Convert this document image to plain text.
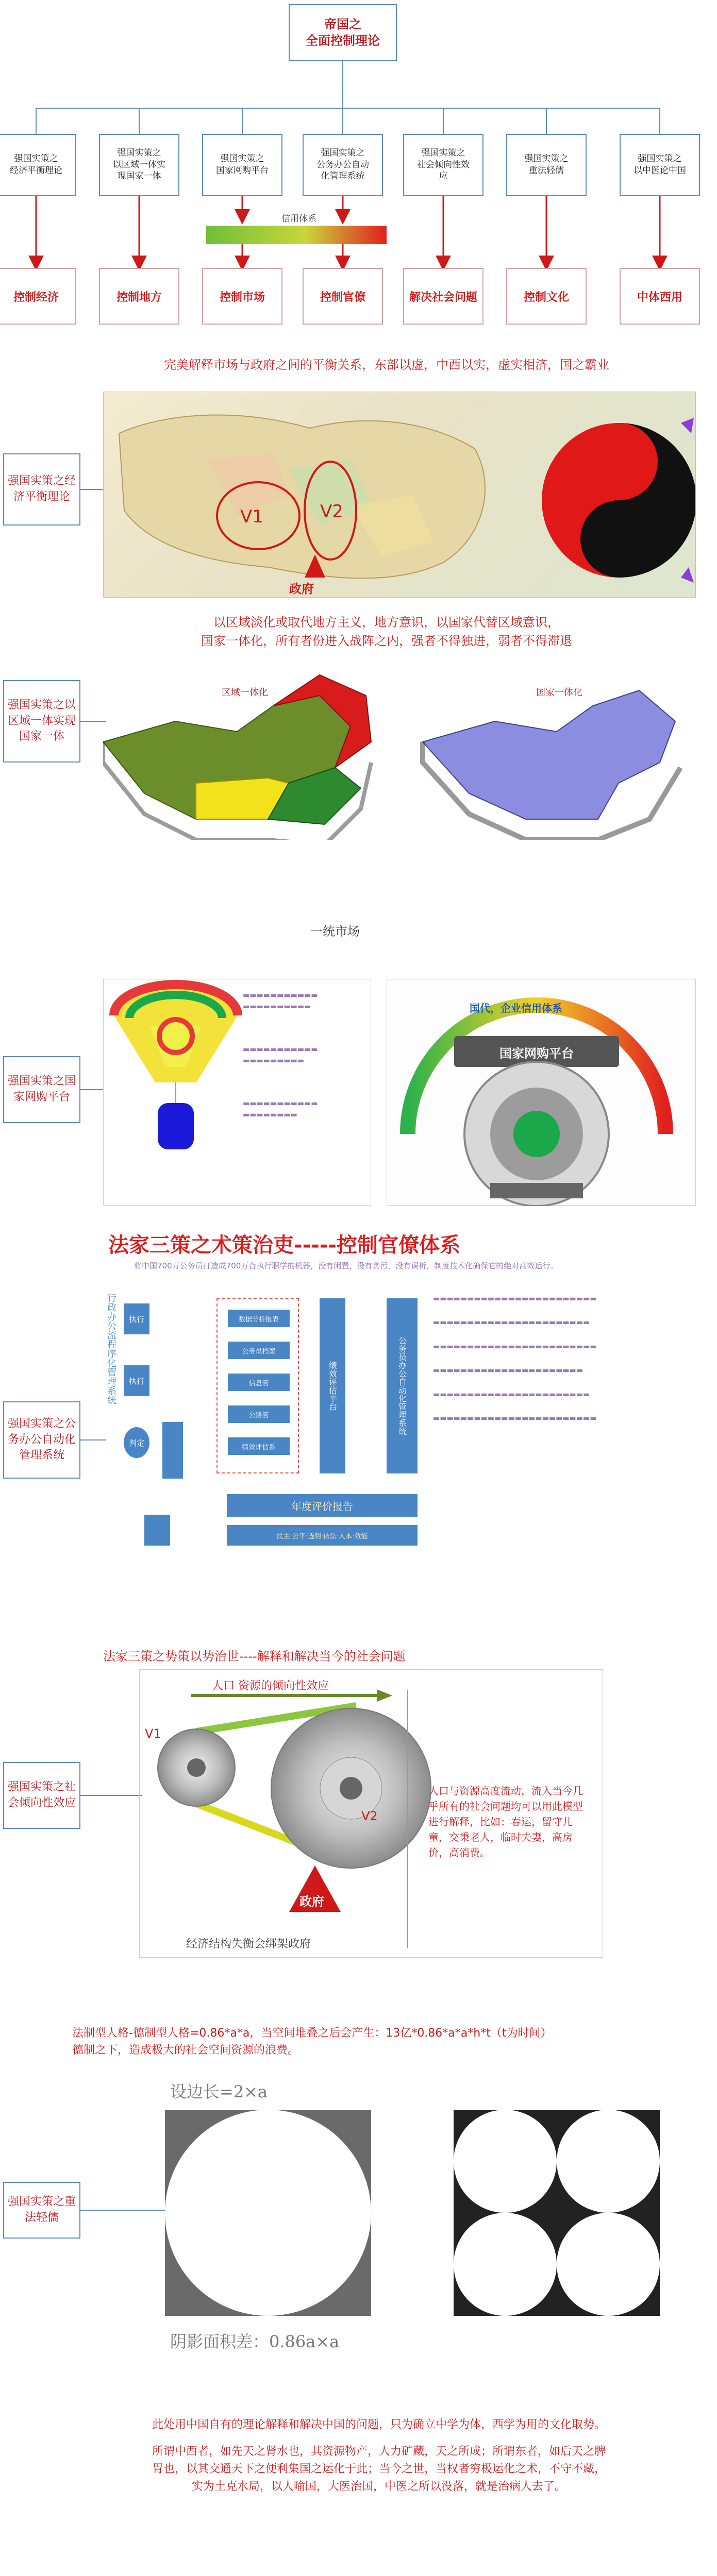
帝国之
全面控制理论
信用体系
强国实策之
经济平衡理论
控制经济
强国实策之
以区域一体实
现国家一体
控制地方
强国实策之
国家网购平台
控制市场
强国实策之
公务办公自动
化管理系统
控制官僚
强国实策之
社会倾向性效
应
解决社会问题
强国实策之
重法轻儒
控制文化
强国实策之
以中医论中国
中体西用
完美解释市场与政府之间的平衡关系，东部以虚，中西以实，虚实相济，国之霸业
强国实策之经济平衡理论
V1	V2
政府
以区域淡化或取代地方主义，地方意识，以国家代替区域意识，
国家一体化，所有者份进入战阵之内，强者不得独进，弱者不得滞退
强国实策之以区域一体实现国家一体
区域一体化	国家一体化
一统市场
强国实策之国家网购平台
▬▬▬▬▬▬▬▬▬▬▬
▬▬▬▬▬▬▬▬▬▬
▬▬▬▬▬▬▬▬▬▬▬
▬▬▬▬▬▬▬▬▬
▬▬▬▬▬▬▬▬▬▬▬
▬▬▬▬▬▬▬▬
国代，企业信用体系
国家网购平台
法家三策之术策治吏-----控制官僚体系
强国实策之公务办公自动化管理系统
将中国700万公务员打造成700万台执行职学的机器，没有闲置，没有贪污，没有误析，制度技术化确保它的绝对高效运行。
行政办公流程序化管理系统	执行
执行
判定
数据分析报表
公务员档案
信息管
公路管
绩效评估系
绩效评估平台	公务员办公自动化管理系统
▬▬▬▬▬▬▬▬▬▬▬▬▬▬▬▬▬▬▬▬▬▬▬▬
▬▬▬▬▬▬▬▬▬▬▬▬▬▬▬▬▬▬▬▬▬▬▬
▬▬▬▬▬▬▬▬▬▬▬▬▬▬▬▬▬▬▬▬▬▬▬▬
▬▬▬▬▬▬▬▬▬▬▬▬▬▬▬▬▬▬▬▬▬▬
▬▬▬▬▬▬▬▬▬▬▬▬▬▬▬▬▬▬▬▬▬▬▬
▬▬▬▬▬▬▬▬▬▬▬▬▬▬▬▬▬▬▬▬▬▬▬▬
年度评价报告
民主·公平·透明·依法·人本·效能
法家三策之势策以势治世----解释和解决当今的社会问题
强国实策之社会倾向性效应
人口 资源的倾向性效应
V1
V2
政府
人口与资源高度流动，流入当今几乎所有的社会问题均可以用此模型进行解释，比如：春运，留守儿童，交秉老人，临时夫妻，高房价，高消费。
经济结构失衡会绑架政府
法制型人格-德制型人格=0.86*a*a，当空间堆叠之后会产生：13亿*0.86*a*a*h*t（t为时间）
德制之下，造成极大的社会空间资源的浪费。
强国实策之重法轻儒
设边长=2×a
阴影面积差：0.86a×a
此处用中国自有的理论解释和解决中国的问题，只为确立中学为体，西学为用的文化取势。
所谓中西者，如先天之肾水也，其资源物产，人力矿藏，天之所成；所谓东者，如后天之脾
胃也，以其交通天下之便利集国之运化于此；当今之世，当权者穷极运化之术，不守不藏，
实为土克水局，以人喻国，大医治国，中医之所以没落，就是治病人去了。
